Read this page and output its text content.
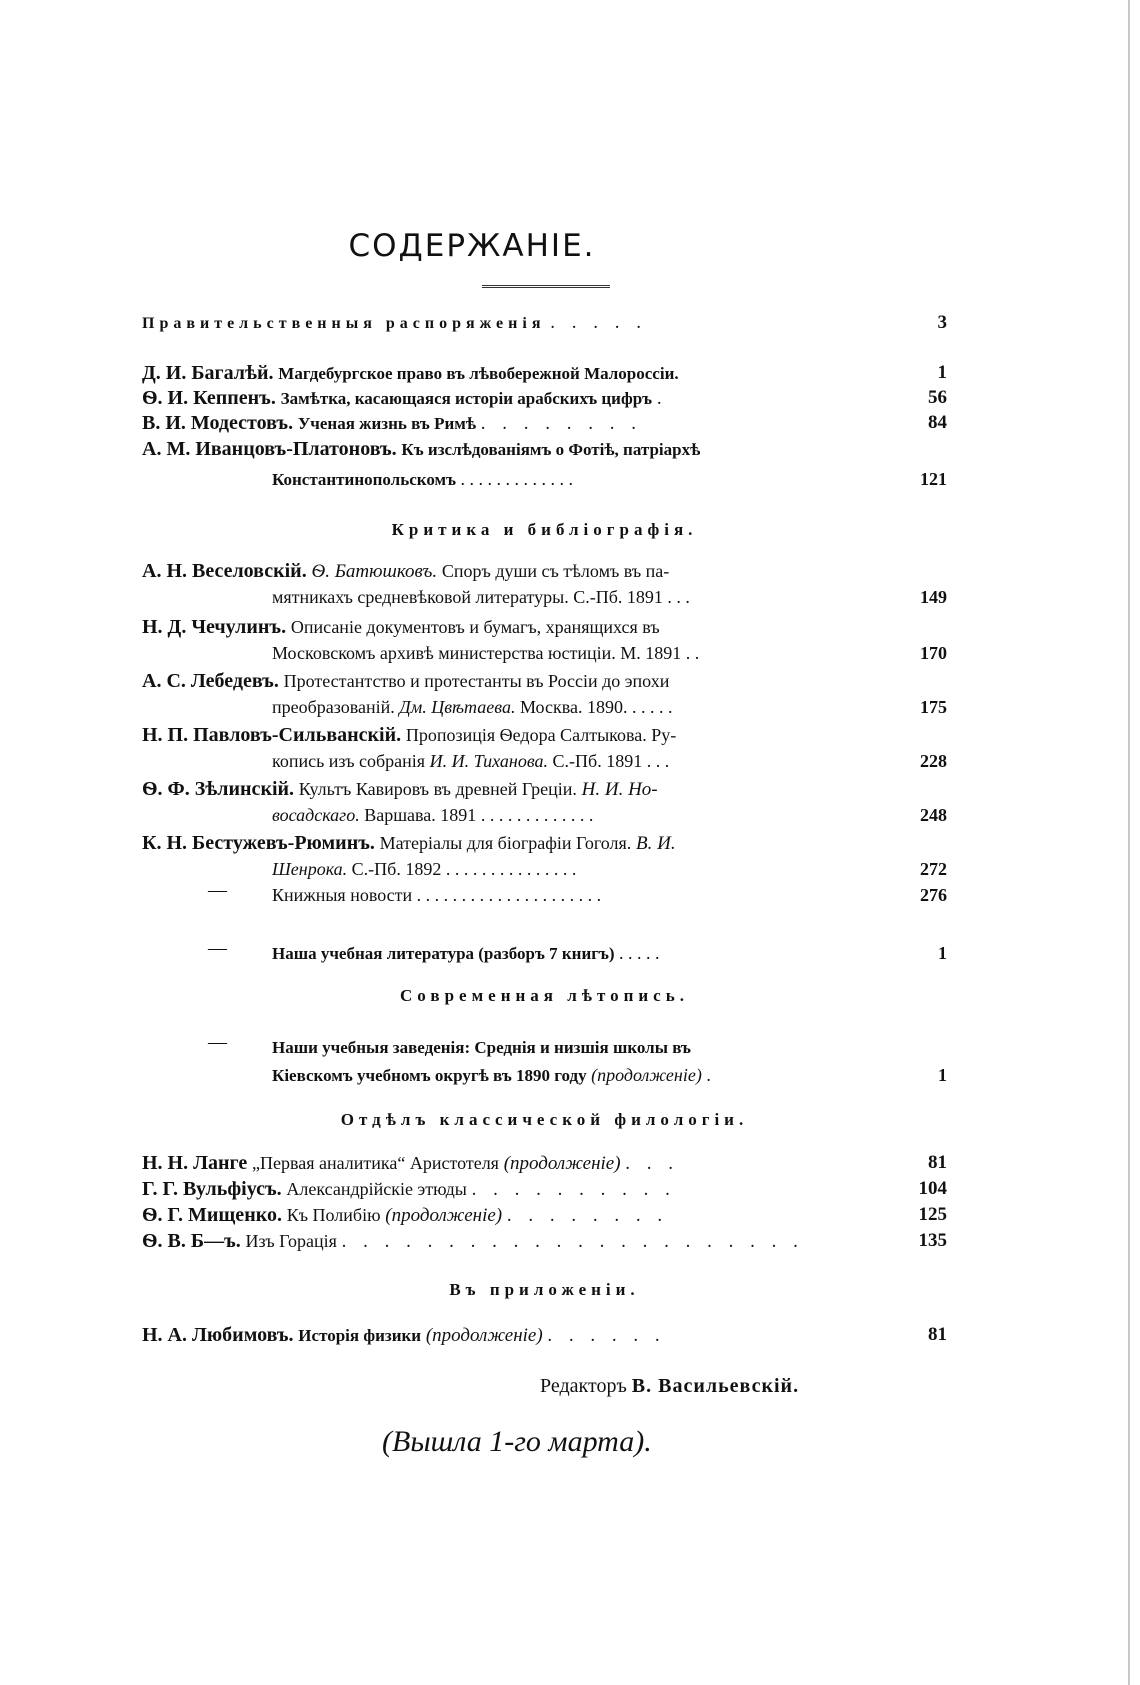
СОДЕРЖАНІЕ.
Правительственныя распоряженія . . . . .	3
Д. И. Багалѣй. Магдебургское право въ лѣвобережной Малороссіи.	1
Ѳ. И. Кеппенъ. Замѣтка, касающаяся исторіи арабскихъ цифръ .	56
В. И. Модестовъ. Ученая жизнь въ Римѣ . . . . . . . .	84
А. М. Иванцовъ-Платоновъ. Къ изслѣдованіямъ о Фотіѣ, патріархѣ
Константинопольскомъ . . . . . . . . . . . . .	121
Критика и библіографія.
А. Н. Веселовскій. Ѳ. Батюшковъ. Споръ души съ тѣломъ въ па-
мятникахъ средневѣковой литературы. С.-Пб. 1891 . . .	149
Н. Д. Чечулинъ. Описаніе документовъ и бумагъ, хранящихся въ
Московскомъ архивѣ министерства юстиціи. М. 1891 . .	170
А. С. Лебедевъ. Протестантство и протестанты въ Россіи до эпохи
преобразованій. Дм. Цвѣтаева. Москва. 1890. . . . . .	175
Н. П. Павловъ-Сильванскій. Пропозиція Ѳедора Салтыкова. Ру-
копись изъ собранія И. И. Тиханова. С.-Пб. 1891 . . .	228
Ѳ. Ф. Зѣлинскій. Культъ Кавировъ въ древней Греціи. Н. И. Но-
восадскаго. Варшава. 1891 . . . . . . . . . . . . .	248
К. Н. Бестужевъ-Рюминъ. Матеріалы для біографіи Гоголя. В. И.
Шенрока. С.-Пб. 1892 . . . . . . . . . . . . . . .	272
—	Книжныя новости . . . . . . . . . . . . . . . . . . . . .	276
—	Наша учебная литература (разборъ 7 книгъ) . . . . .	1
Современная лѣтопись.
—	Наши учебныя заведенія: Среднія и низшія школы въ
Кіевскомъ учебномъ округѣ въ 1890 году (продолженіе) .	1
Отдѣлъ классической филологіи.
Н. Н. Ланге „Первая аналитика“ Аристотеля (продолженіе) . . .	81
Г. Г. Вульфіусъ. Александрійскіе этюды . . . . . . . . . .	104
Ѳ. Г. Мищенко. Къ Полибію (продолженіе) . . . . . . . .	125
Ѳ. В. Б—ъ. Изъ Горація . . . . . . . . . . . . . . . . . . . . . .	135
Въ приложеніи.
Н. А. Любимовъ. Исторія физики (продолженіе) . . . . . .	81
Редакторъ В. Васильевскій.
(Вышла 1-го марта).
